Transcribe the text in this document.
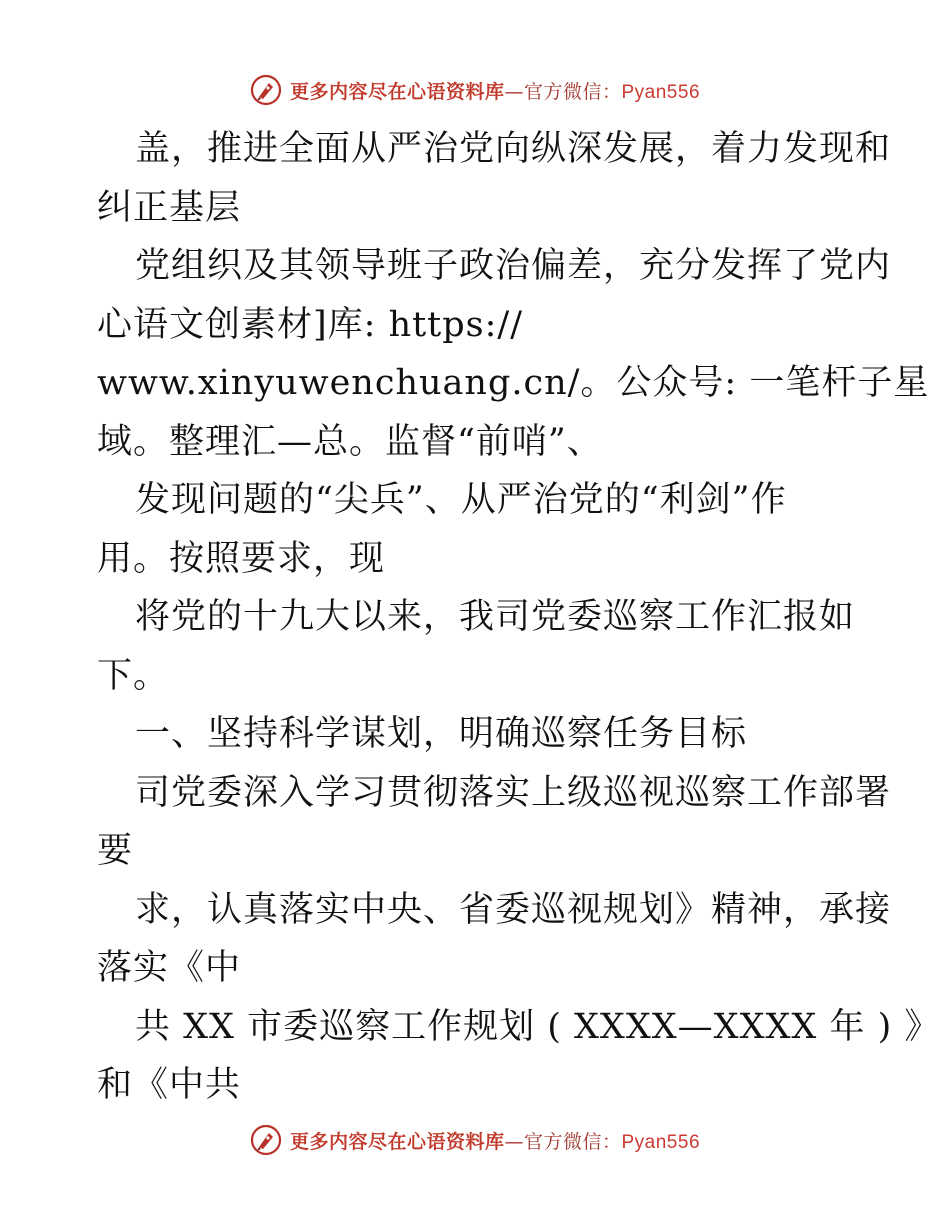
更多内容尽在心语资料库—官方微信：Pyan556
盖，推进全面从严治党向纵深发展，着力发现和
纠正基层
党组织及其领导班子政治偏差，充分发挥了党内
心语文创素材]库: https://
www.xinyuwenchuang.cn/。公众号: 一笔杆子星
域。整理汇—总。监督“前哨”、
发现问题的“尖兵”、从严治党的“利剑”作
用。按照要求，现
将党的十九大以来，我司党委巡察工作汇报如
下。
一、坚持科学谋划，明确巡察任务目标
司党委深入学习贯彻落实上级巡视巡察工作部署
要
求，认真落实中央、省委巡视规划》精神，承接
落实《中
共 XX 市委巡察工作规划 ( XXXX—XXXX 年 ) 》
和《中共
更多内容尽在心语资料库—官方微信：Pyan556
